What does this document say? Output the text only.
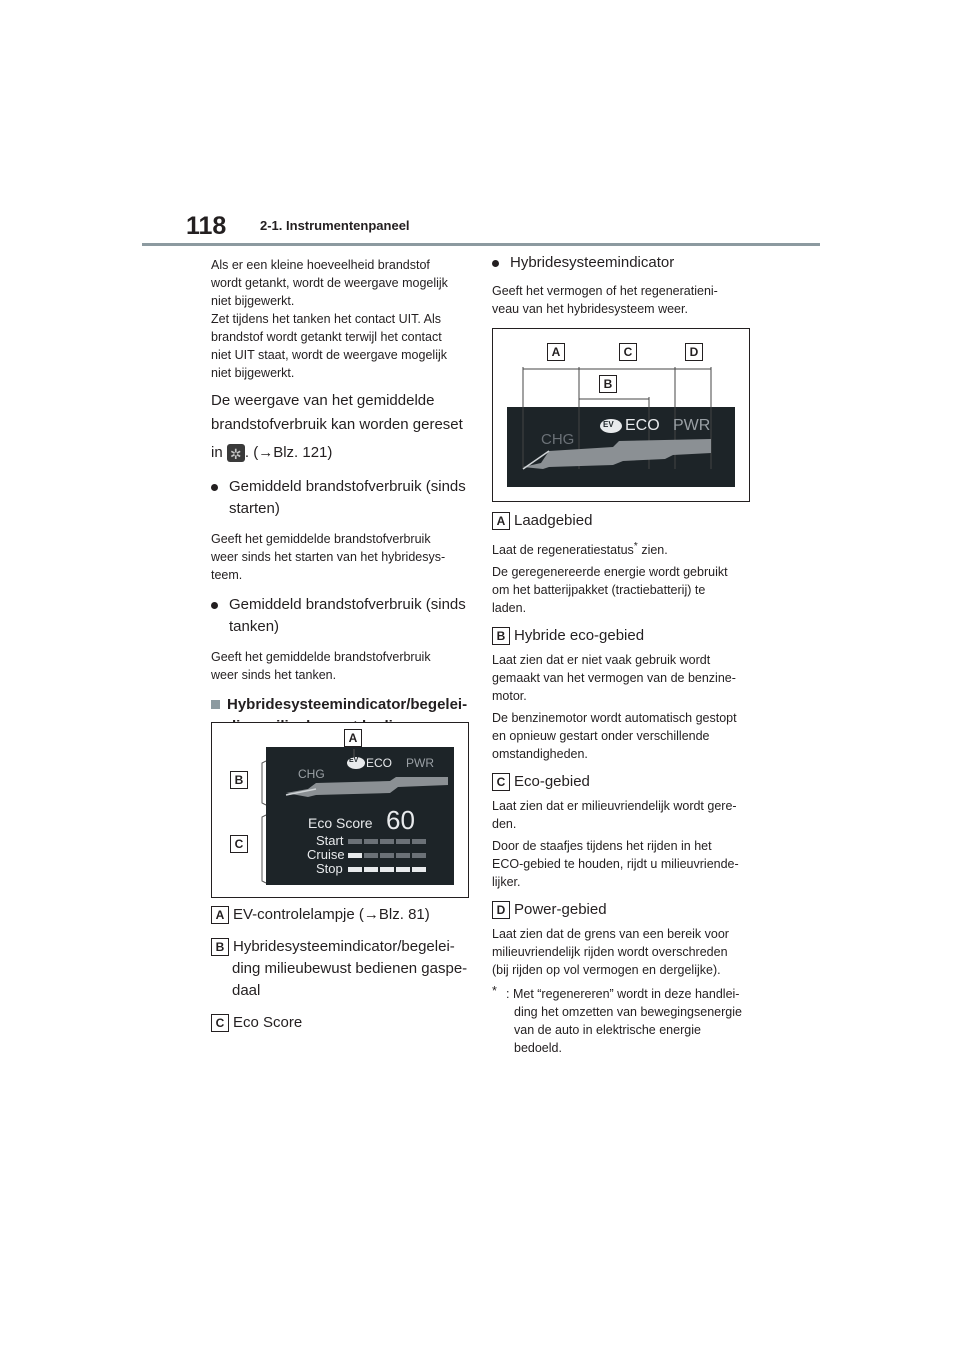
118	2-1. Instrumentenpaneel
Als er een kleine hoeveelheid brandstof
wordt getankt, wordt de weergave mogelijk
niet bijgewerkt.
Zet tijdens het tanken het contact UIT. Als
brandstof wordt getankt terwijl het contact
niet UIT staat, wordt de weergave mogelijk
niet bijgewerkt.
De weergave van het gemiddelde
brandstofverbruik kan worden gereset
in ✲ . (→Blz. 121)
Gemiddeld brandstofverbruik (sinds
starten)
Geeft het gemiddelde brandstofverbruik
weer sinds het starten van het hybridesys-
teem.
Gemiddeld brandstofverbruik (sinds
tanken)
Geeft het gemiddelde brandstofverbruik
weer sinds het tanken.
Hybridesysteemindicator/begelei-
A
B
C
CHG
EV ECO PWR
Eco Score 60
Start
Cruise
Stop
A EV-controlelampje (→Blz. 81)
B Hybridesysteemindicator/begelei-
ding milieubewust bedienen gaspe-
daal
C Eco Score
Hybridesysteemindicator
Geeft het vermogen of het regeneratieni-
veau van het hybridesysteem weer.
A	C	D
B
CHG
EV ECO PWR
A Laadgebied
Laat de regeneratiestatus* zien.
De geregenereerde energie wordt gebruikt
om het batterijpakket (tractiebatterij) te
laden.
B Hybride eco-gebied
Laat zien dat er niet vaak gebruik wordt
gemaakt van het vermogen van de benzine-
motor.
De benzinemotor wordt automatisch gestopt
en opnieuw gestart onder verschillende
omstandigheden.
C Eco-gebied
Laat zien dat er milieuvriendelijk wordt gere-
den.
Door de staafjes tijdens het rijden in het
ECO-gebied te houden, rijdt u milieuvriende-
lijker.
D Power-gebied
Laat zien dat de grens van een bereik voor
milieuvriendelijk rijden wordt overschreden
(bij rijden op vol vermogen en dergelijke).
* : Met “regenereren” wordt in deze handlei-
ding het omzetten van bewegingsenergie
van de auto in elektrische energie
bedoeld.
